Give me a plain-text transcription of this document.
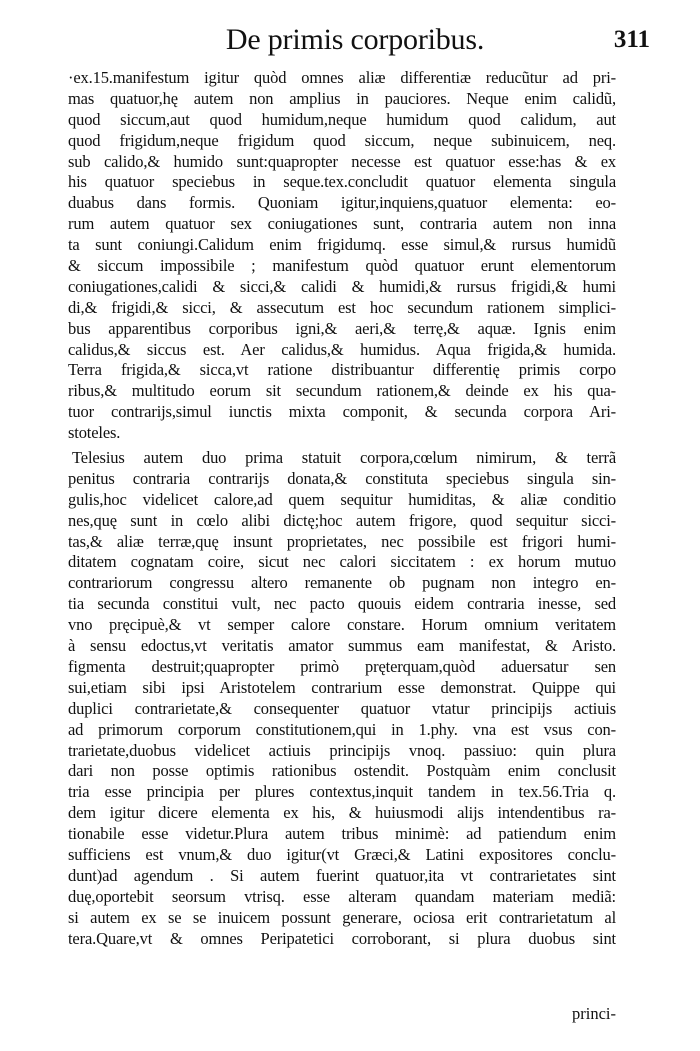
De primis corporibus.	311
·ex.15.manifestum igitur quòd omnes aliæ differentiæ reducũtur ad pri-
mas quatuor,hę autem non amplius in pauciores. Neque enim calidũ,
quod siccum,aut quod humidum,neque humidum quod calidum, aut
quod frigidum,neque frigidum quod siccum, neque subinuicem, neq.
sub calido,& humido sunt:quapropter necesse est quatuor esse:has & ex
his quatuor speciebus in seque.tex.concludit quatuor elementa singula
duabus dans formis. Quoniam igitur,inquiens,quatuor elementa: eo-
rum autem quatuor sex coniugationes sunt, contraria autem non inna
ta sunt coniungi.Calidum enim frigidumq. esse simul,& rursus humidũ
& siccum impossibile ; manifestum quòd quatuor erunt elementorum
coniugationes,calidi & sicci,& calidi & humidi,& rursus frigidi,& humi
di,& frigidi,& sicci, & assecutum est hoc secundum rationem simplici-
bus apparentibus corporibus igni,& aeri,& terrę,& aquæ. Ignis enim
calidus,& siccus est. Aer calidus,& humidus. Aqua frigida,& humida.
Terra frigida,& sicca,vt ratione distribuantur differentię primis corpo
ribus,& multitudo eorum sit secundum rationem,& deinde ex his qua-
tuor contrarijs,simul iunctis mixta componit, & secunda corpora Ari-
stoteles.
Telesius autem duo prima statuit corpora,cœlum nimirum, & terrã
penitus contraria contrarijs donata,& constituta speciebus singula sin-
gulis,hoc videlicet calore,ad quem sequitur humiditas, & aliæ conditio
nes,quę sunt in cœlo alibi dictę;hoc autem frigore, quod sequitur sicci-
tas,& aliæ terræ,quę insunt proprietates, nec possibile est frigori humi-
ditatem cognatam coire, sicut nec calori siccitatem : ex horum mutuo
contrariorum congressu altero remanente ob pugnam non integro en-
tia secunda constitui vult, nec pacto quouis eidem contraria inesse, sed
vno pręcipuè,& vt semper calore constare. Horum omnium veritatem
à sensu edoctus,vt veritatis amator summus eam manifestat, & Aristo.
figmenta destruit;quapropter primò pręterquam,quòd aduersatur sen
sui,etiam sibi ipsi Aristotelem contrarium esse demonstrat. Quippe qui
duplici contrarietate,& consequenter quatuor vtatur principijs actiuis
ad primorum corporum constitutionem,qui in 1.phy. vna est vsus con-
trarietate,duobus videlicet actiuis principijs vnoq. passiuo: quin plura
dari non posse optimis rationibus ostendit. Postquàm enim conclusit
tria esse principia per plures contextus,inquit tandem in tex.56.Tria q.
dem igitur dicere elementa ex his, & huiusmodi alijs intendentibus ra-
tionabile esse videtur.Plura autem tribus minimè: ad patiendum enim
sufficiens est vnum,& duo igitur(vt Græci,& Latini expositores conclu-
dunt)ad agendum . Si autem fuerint quatuor,ita vt contrarietates sint
duę,oportebit seorsum vtrisq. esse alteram quandam materiam mediã:
si autem ex se se inuicem possunt generare, ociosa erit contrarietatum al
tera.Quare,vt & omnes Peripatetici corroborant, si plura duobus sint
princi-
